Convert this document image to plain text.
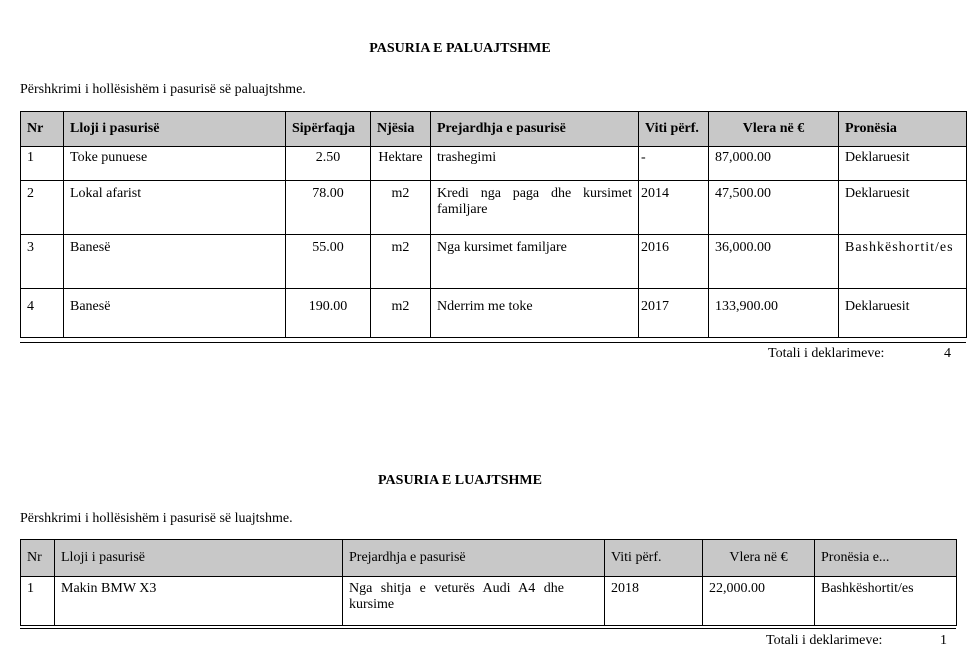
PASURIA E PALUAJTSHME
Përshkrimi i hollësishëm i pasurisë së paluajtshme.
Nr	Lloji i pasurisë	Sipërfaqja	Njësia	Prejardhja e pasurisë	Viti përf.	Vlera në €	Pronësia
1	Toke punuese	2.50	Hektare	trashegimi	-	87,000.00	Deklaruesit
2	Lokal afarist	78.00	m2	Kredi nga paga dhe kursimet familjare	2014	47,500.00	Deklaruesit
3	Banesë	55.00	m2	Nga kursimet familjare	2016	36,000.00	Bashkëshortit/es
4	Banesë	190.00	m2	Nderrim me toke	2017	133,900.00	Deklaruesit
Totali i deklarimeve:	4
PASURIA E LUAJTSHME
Përshkrimi i hollësishëm i pasurisë së luajtshme.
Nr	Lloji i pasurisë	Prejardhja e pasurisë	Viti përf.	Vlera në €	Pronësia e...
1	Makin BMW X3	Nga shitja e veturës Audi A4 dhe kursime	2018	22,000.00	Bashkëshortit/es
Totali i deklarimeve:	1
